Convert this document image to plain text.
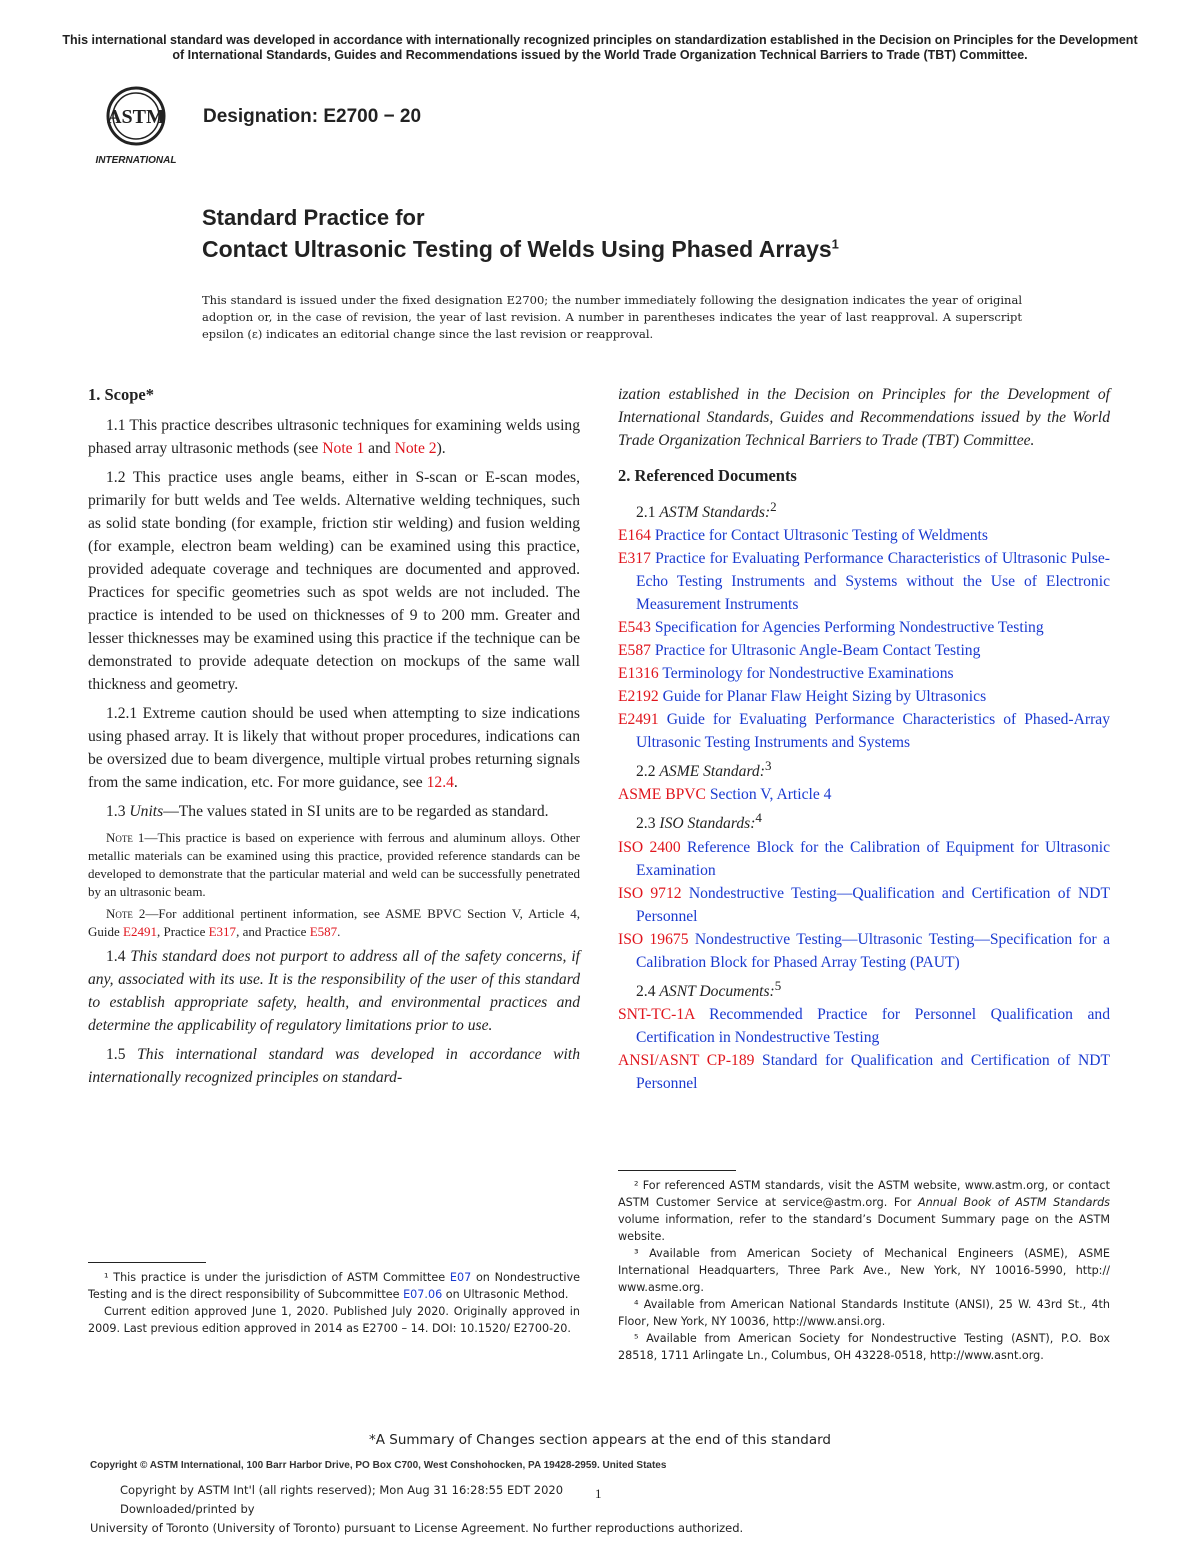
This international standard was developed in accordance with internationally recognized principles on standardization established in the Decision on Principles for the Development of International Standards, Guides and Recommendations issued by the World Trade Organization Technical Barriers to Trade (TBT) Committee.
ASTM
INTERNATIONAL
Designation: E2700 − 20
Standard Practice for
Contact Ultrasonic Testing of Welds Using Phased Arrays$^1$
This standard is issued under the fixed designation E2700; the number immediately following the designation indicates the year of original adoption or, in the case of revision, the year of last revision. A number in parentheses indicates the year of last reapproval. A superscript epsilon (ε) indicates an editorial change since the last revision or reapproval.
1. Scope*

1.1 This practice describes ultrasonic techniques for examining welds using phased array ultrasonic methods (see Note 1 and Note 2).

1.2 This practice uses angle beams, either in S-scan or E-scan modes, primarily for butt welds and Tee welds. Alternative welding techniques, such as solid state bonding (for example, friction stir welding) and fusion welding (for example, electron beam welding) can be examined using this practice, provided adequate coverage and techniques are documented and approved. Practices for specific geometries such as spot welds are not included. The practice is intended to be used on thicknesses of 9 to 200 mm. Greater and lesser thicknesses may be examined using this practice if the technique can be demonstrated to provide adequate detection on mockups of the same wall thickness and geometry.

1.2.1 Extreme caution should be used when attempting to size indications using phased array. It is likely that without proper procedures, indications can be oversized due to beam divergence, multiple virtual probes returning signals from the same indication, etc. For more guidance, see 12.4.

1.3 Units—The values stated in SI units are to be regarded as standard.

Note 1—This practice is based on experience with ferrous and aluminum alloys. Other metallic materials can be examined using this practice, provided reference standards can be developed to demonstrate that the particular material and weld can be successfully penetrated by an ultrasonic beam.

Note 2—For additional pertinent information, see ASME BPVC Section V, Article 4, Guide E2491, Practice E317, and Practice E587.

1.4 This standard does not purport to address all of the safety concerns, if any, associated with its use. It is the responsibility of the user of this standard to establish appropriate safety, health, and environmental practices and determine the applicability of regulatory limitations prior to use.

1.5 This international standard was developed in accordance with internationally recognized principles on standard-

¹ This practice is under the jurisdiction of ASTM Committee E07 on Nondestructive Testing and is the direct responsibility of Subcommittee E07.06 on Ultrasonic Method.

Current edition approved June 1, 2020. Published July 2020. Originally approved in 2009. Last previous edition approved in 2014 as E2700 – 14. DOI: 10.1520/ E2700-20.

ization established in the Decision on Principles for the Development of International Standards, Guides and Recommendations issued by the World Trade Organization Technical Barriers to Trade (TBT) Committee.

2. Referenced Documents

2.1 ASTM Standards:$^2$

E164 Practice for Contact Ultrasonic Testing of Weldments

E317 Practice for Evaluating Performance Characteristics of Ultrasonic Pulse-Echo Testing Instruments and Systems without the Use of Electronic Measurement Instruments

E543 Specification for Agencies Performing Nondestructive Testing

E587 Practice for Ultrasonic Angle-Beam Contact Testing

E1316 Terminology for Nondestructive Examinations

E2192 Guide for Planar Flaw Height Sizing by Ultrasonics

E2491 Guide for Evaluating Performance Characteristics of Phased-Array Ultrasonic Testing Instruments and Systems

2.2 ASME Standard:$^3$

ASME BPVC Section V, Article 4

2.3 ISO Standards:$^4$

ISO 2400 Reference Block for the Calibration of Equipment for Ultrasonic Examination

ISO 9712 Nondestructive Testing—Qualification and Certification of NDT Personnel

ISO 19675 Nondestructive Testing—Ultrasonic Testing—Specification for a Calibration Block for Phased Array Testing (PAUT)

2.4 ASNT Documents:$^5$

SNT-TC-1A Recommended Practice for Personnel Qualification and Certification in Nondestructive Testing

ANSI/ASNT CP-189 Standard for Qualification and Certification of NDT Personnel

² For referenced ASTM standards, visit the ASTM website, www.astm.org, or contact ASTM Customer Service at service@astm.org. For Annual Book of ASTM Standards volume information, refer to the standard’s Document Summary page on the ASTM website.

³ Available from American Society of Mechanical Engineers (ASME), ASME International Headquarters, Three Park Ave., New York, NY 10016-5990, http:// www.asme.org.

⁴ Available from American National Standards Institute (ANSI), 25 W. 43rd St., 4th Floor, New York, NY 10036, http://www.ansi.org.

⁵ Available from American Society for Nondestructive Testing (ASNT), P.O. Box 28518, 1711 Arlingate Ln., Columbus, OH 43228-0518, http://www.asnt.org.

*A Summary of Changes section appears at the end of this standard
Copyright © ASTM International, 100 Barr Harbor Drive, PO Box C700, West Conshohocken, PA 19428-2959. United States
Copyright by ASTM Int'l (all rights reserved); Mon Aug 31 16:28:55 EDT 2020
Downloaded/printed by
University of Toronto (University of Toronto) pursuant to License Agreement. No further reproductions authorized.
1
